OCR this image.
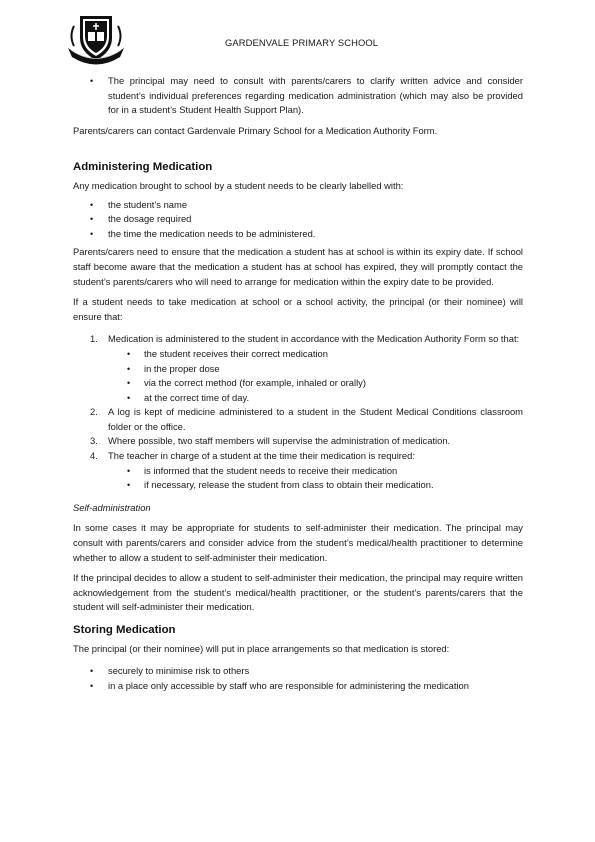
GARDENVALE PRIMARY SCHOOL
• The principal may need to consult with parents/carers to clarify written advice and consider student’s individual preferences regarding medication administration (which may also be provided for in a student’s Student Health Support Plan).

Parents/carers can contact Gardenvale Primary School for a Medication Authority Form.

Administering Medication

Any medication brought to school by a student needs to be clearly labelled with:

• the student’s name
• the dosage required
• the time the medication needs to be administered.

Parents/carers need to ensure that the medication a student has at school is within its expiry date. If school staff become aware that the medication a student has at school has expired, they will promptly contact the student’s parents/carers who will need to arrange for medication within the expiry date to be provided.

If a student needs to take medication at school or a school activity, the principal (or their nominee) will ensure that:

1. Medication is administered to the student in accordance with the Medication Authority Form so that:
• the student receives their correct medication
• in the proper dose
• via the correct method (for example, inhaled or orally)
• at the correct time of day.
2. A log is kept of medicine administered to a student in the Student Medical Conditions classroom folder or the office.
3. Where possible, two staff members will supervise the administration of medication.
4. The teacher in charge of a student at the time their medication is required:
• is informed that the student needs to receive their medication
• if necessary, release the student from class to obtain their medication.

Self-administration

In some cases it may be appropriate for students to self-administer their medication. The principal may consult with parents/carers and consider advice from the student’s medical/health practitioner to determine whether to allow a student to self-administer their medication.

If the principal decides to allow a student to self-administer their medication, the principal may require written acknowledgement from the student’s medical/health practitioner, or the student’s parents/carers that the student will self-administer their medication.

Storing Medication

The principal (or their nominee) will put in place arrangements so that medication is stored:

• securely to minimise risk to others
• in a place only accessible by staff who are responsible for administering the medication
